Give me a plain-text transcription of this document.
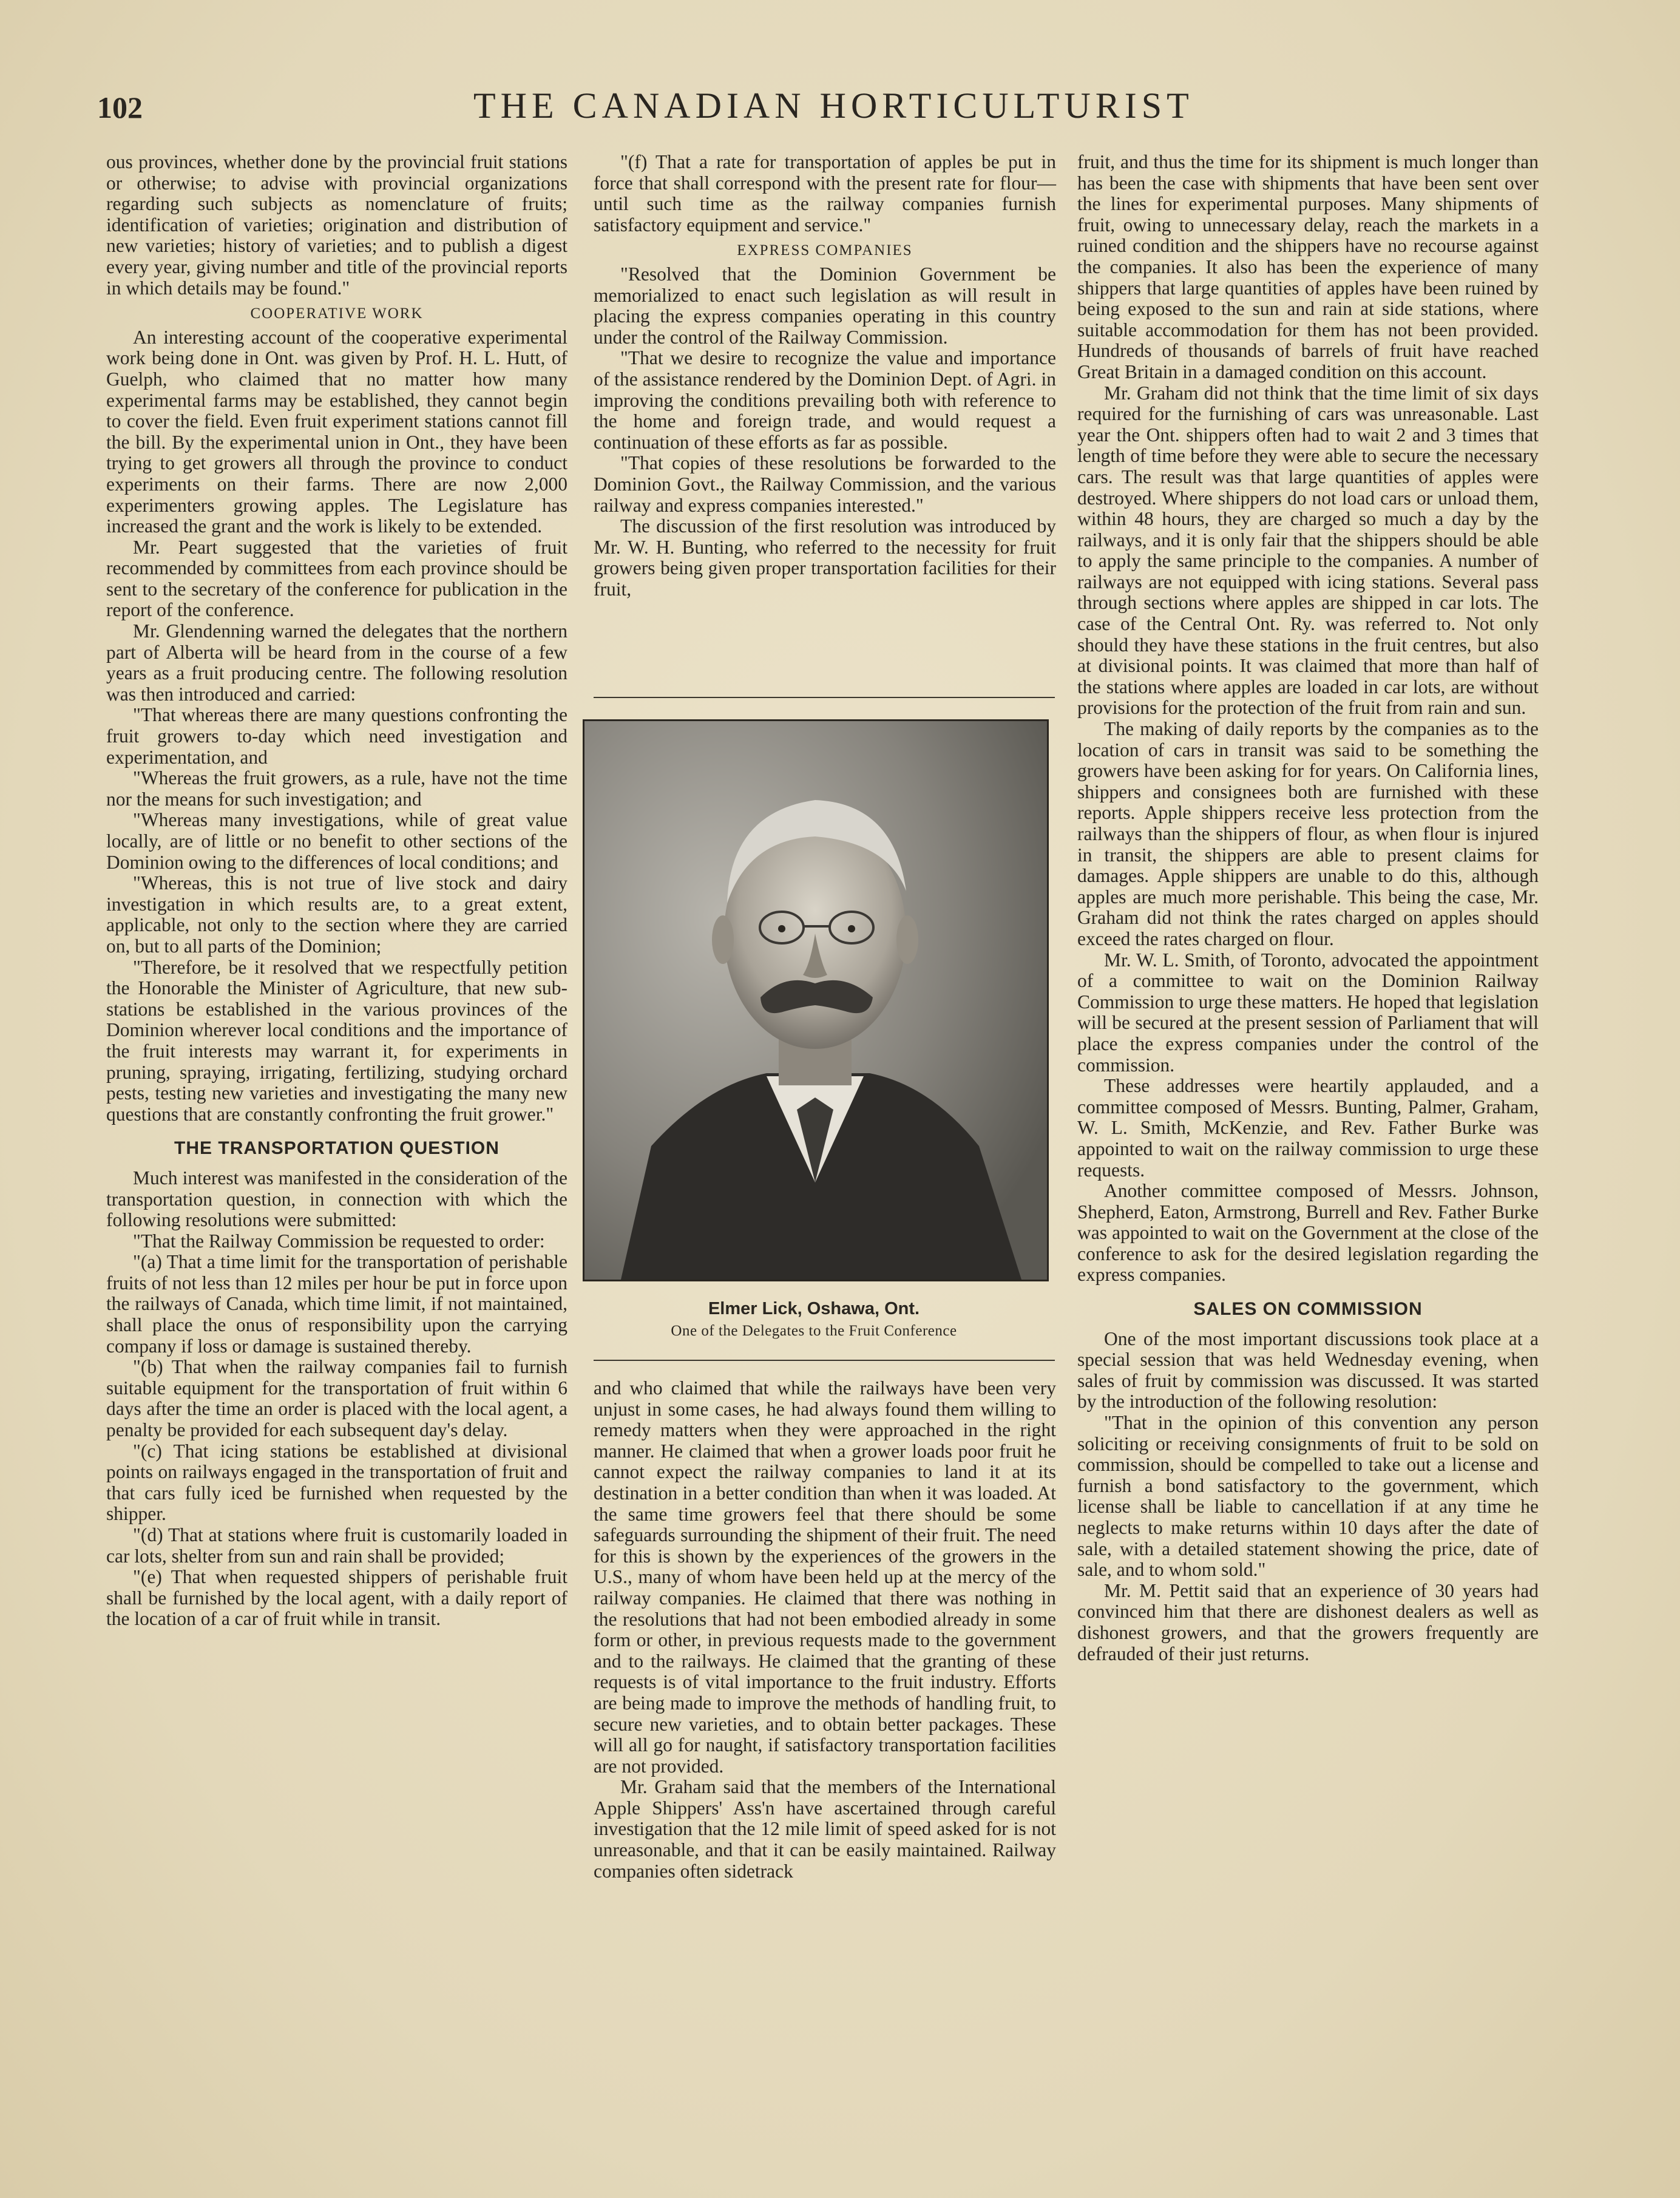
102	THE CANADIAN HORTICULTURIST

ous provinces, whether done by the provincial fruit stations or otherwise; to advise with provincial organizations regarding such subjects as nomenclature of fruits; identification of varieties; origination and distribution of new varieties; history of varieties; and to publish a digest every year, giving number and title of the provincial reports in which details may be found."

COOPERATIVE WORK

An interesting account of the cooperative experimental work being done in Ont. was given by Prof. H. L. Hutt, of Guelph, who claimed that no matter how many experimental farms may be established, they cannot begin to cover the field. Even fruit experiment stations cannot fill the bill. By the experimental union in Ont., they have been trying to get growers all through the province to conduct experiments on their farms. There are now 2,000 experimenters growing apples. The Legislature has increased the grant and the work is likely to be extended.

Mr. Peart suggested that the varieties of fruit recommended by committees from each province should be sent to the secretary of the conference for publication in the report of the conference.

Mr. Glendenning warned the delegates that the northern part of Alberta will be heard from in the course of a few years as a fruit producing centre. The following resolution was then introduced and carried:

"That whereas there are many questions confronting the fruit growers to-day which need investigation and experimentation, and

"Whereas the fruit growers, as a rule, have not the time nor the means for such investigation; and

"Whereas many investigations, while of great value locally, are of little or no benefit to other sections of the Dominion owing to the differences of local conditions; and

"Whereas, this is not true of live stock and dairy investigation in which results are, to a great extent, applicable, not only to the section where they are carried on, but to all parts of the Dominion;

"Therefore, be it resolved that we respectfully petition the Honorable the Minister of Agriculture, that new sub-stations be established in the various provinces of the Dominion wherever local conditions and the importance of the fruit interests may warrant it, for experiments in pruning, spraying, irrigating, fertilizing, studying orchard pests, testing new varieties and investigating the many new questions that are constantly confronting the fruit grower."

THE TRANSPORTATION QUESTION

Much interest was manifested in the consideration of the transportation question, in connection with which the following resolutions were submitted:

"That the Railway Commission be requested to order:

"(a) That a time limit for the transportation of perishable fruits of not less than 12 miles per hour be put in force upon the railways of Canada, which time limit, if not maintained, shall place the onus of responsibility upon the carrying company if loss or damage is sustained thereby.

"(b) That when the railway companies fail to furnish suitable equipment for the transportation of fruit within 6 days after the time an order is placed with the local agent, a penalty be provided for each subsequent day's delay.

"(c) That icing stations be established at divisional points on railways engaged in the transportation of fruit and that cars fully iced be furnished when requested by the shipper.

"(d) That at stations where fruit is customarily loaded in car lots, shelter from sun and rain shall be provided;

"(e) That when requested shippers of perishable fruit shall be furnished by the local agent, with a daily report of the location of a car of fruit while in transit.

"(f) That a rate for transportation of apples be put in force that shall correspond with the present rate for flour—until such time as the railway companies furnish satisfactory equipment and service."

EXPRESS COMPANIES

"Resolved that the Dominion Government be memorialized to enact such legislation as will result in placing the express companies operating in this country under the control of the Railway Commission.

"That we desire to recognize the value and importance of the assistance rendered by the Dominion Dept. of Agri. in improving the conditions prevailing both with reference to the home and foreign trade, and would request a continuation of these efforts as far as possible.

"That copies of these resolutions be forwarded to the Dominion Govt., the Railway Commission, and the various railway and express companies interested."

The discussion of the first resolution was introduced by Mr. W. H. Bunting, who referred to the necessity for fruit growers being given proper transportation facilities for their fruit,

Elmer Lick, Oshawa, Ont.

One of the Delegates to the Fruit Conference

and who claimed that while the railways have been very unjust in some cases, he had always found them willing to remedy matters when they were approached in the right manner. He claimed that when a grower loads poor fruit he cannot expect the railway companies to land it at its destination in a better condition than when it was loaded. At the same time growers feel that there should be some safeguards surrounding the shipment of their fruit. The need for this is shown by the experiences of the growers in the U.S., many of whom have been held up at the mercy of the railway companies. He claimed that there was nothing in the resolutions that had not been embodied already in some form or other, in previous requests made to the government and to the railways. He claimed that the granting of these requests is of vital importance to the fruit industry. Efforts are being made to improve the methods of handling fruit, to secure new varieties, and to obtain better packages. These will all go for naught, if satisfactory transportation facilities are not provided.

Mr. Graham said that the members of the International Apple Shippers' Ass'n have ascertained through careful investigation that the 12 mile limit of speed asked for is not unreasonable, and that it can be easily maintained. Railway companies often sidetrack

fruit, and thus the time for its shipment is much longer than has been the case with shipments that have been sent over the lines for experimental purposes. Many shipments of fruit, owing to unnecessary delay, reach the markets in a ruined condition and the shippers have no recourse against the companies. It also has been the experience of many shippers that large quantities of apples have been ruined by being exposed to the sun and rain at side stations, where suitable accommodation for them has not been provided. Hundreds of thousands of barrels of fruit have reached Great Britain in a damaged condition on this account.

Mr. Graham did not think that the time limit of six days required for the furnishing of cars was unreasonable. Last year the Ont. shippers often had to wait 2 and 3 times that length of time before they were able to secure the necessary cars. The result was that large quantities of apples were destroyed. Where shippers do not load cars or unload them, within 48 hours, they are charged so much a day by the railways, and it is only fair that the shippers should be able to apply the same principle to the companies. A number of railways are not equipped with icing stations. Several pass through sections where apples are shipped in car lots. The case of the Central Ont. Ry. was referred to. Not only should they have these stations in the fruit centres, but also at divisional points. It was claimed that more than half of the stations where apples are loaded in car lots, are without provisions for the protection of the fruit from rain and sun.

The making of daily reports by the companies as to the location of cars in transit was said to be something the growers have been asking for for years. On California lines, shippers and consignees both are furnished with these reports. Apple shippers receive less protection from the railways than the shippers of flour, as when flour is injured in transit, the shippers are able to present claims for damages. Apple shippers are unable to do this, although apples are much more perishable. This being the case, Mr. Graham did not think the rates charged on apples should exceed the rates charged on flour.

Mr. W. L. Smith, of Toronto, advocated the appointment of a committee to wait on the Dominion Railway Commission to urge these matters. He hoped that legislation will be secured at the present session of Parliament that will place the express companies under the control of the commission.

These addresses were heartily applauded, and a committee composed of Messrs. Bunting, Palmer, Graham, W. L. Smith, McKenzie, and Rev. Father Burke was appointed to wait on the railway commission to urge these requests.

Another committee composed of Messrs. Johnson, Shepherd, Eaton, Armstrong, Burrell and Rev. Father Burke was appointed to wait on the Government at the close of the conference to ask for the desired legislation regarding the express companies.

SALES ON COMMISSION

One of the most important discussions took place at a special session that was held Wednesday evening, when sales of fruit by commission was discussed. It was started by the introduction of the following resolution:

"That in the opinion of this convention any person soliciting or receiving consignments of fruit to be sold on commission, should be compelled to take out a license and furnish a bond satisfactory to the government, which license shall be liable to cancellation if at any time he neglects to make returns within 10 days after the date of sale, with a detailed statement showing the price, date of sale, and to whom sold."

Mr. M. Pettit said that an experience of 30 years had convinced him that there are dishonest dealers as well as dishonest growers, and that the growers frequently are defrauded of their just returns.
